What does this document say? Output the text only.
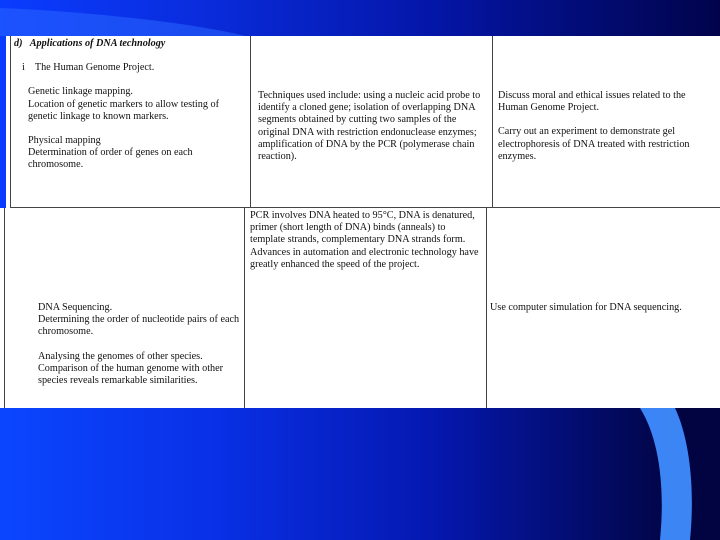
d) Applications of DNA technology

i The Human Genome Project.

Genetic linkage mapping.

Location of genetic markers to allow testing of genetic linkage to known markers.

Physical mapping

Determination of order of genes on each chromosome.

Techniques used include: using a nucleic acid probe to identify a cloned gene; isolation of overlapping DNA segments obtained by cutting two samples of the original DNA with restriction endonuclease enzymes; amplification of DNA by the PCR (polymerase chain reaction).

Discuss moral and ethical issues related to the Human Genome Project.

Carry out an experiment to demonstrate gel electrophoresis of DNA treated with restriction enzymes.

DNA Sequencing.

Determining the order of nucleotide pairs of each chromosome.

Analysing the genomes of other species. Comparison of the human genome with other species reveals remarkable similarities.

PCR involves DNA heated to 95°C, DNA is denatured, primer (short length of DNA) binds (anneals) to template strands, complementary DNA strands form. Advances in automation and electronic technology have greatly enhanced the speed of the project.

Use computer simulation for DNA sequencing.
